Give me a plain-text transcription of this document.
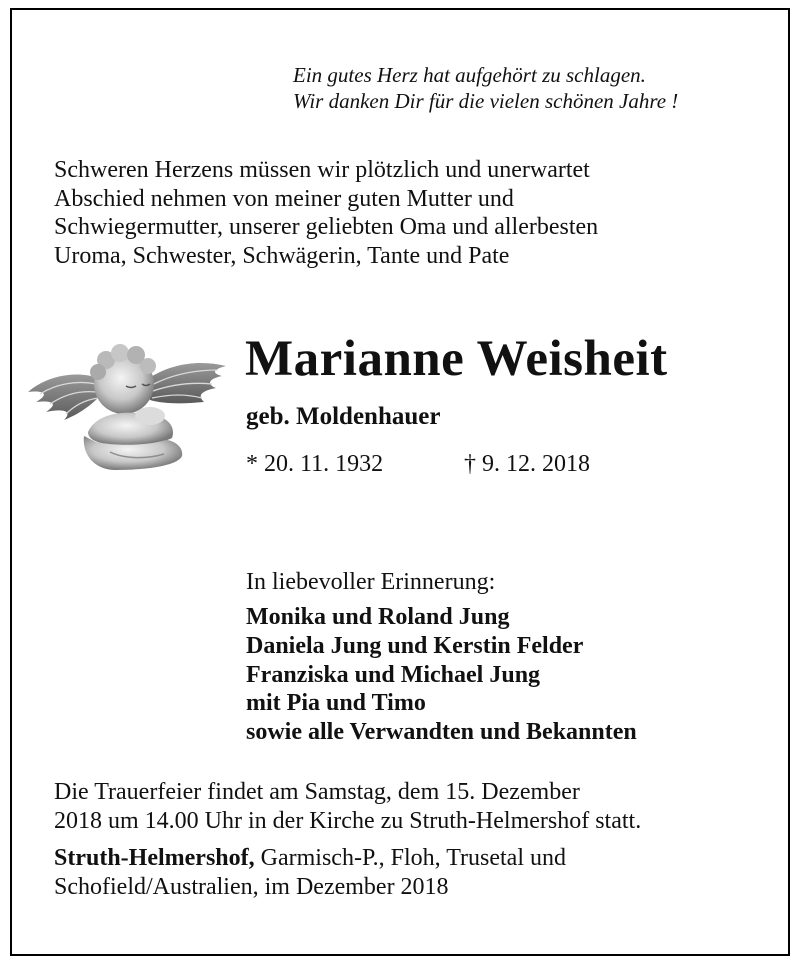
Ein gutes Herz hat aufgehört zu schlagen.
Wir danken Dir für die vielen schönen Jahre !
Schweren Herzens müssen wir plötzlich und unerwartet
Abschied nehmen von meiner guten Mutter und
Schwiegermutter, unserer geliebten Oma und allerbesten
Uroma, Schwester, Schwägerin, Tante und Pate
Marianne Weisheit
geb. Moldenhauer
* 20. 11. 1932	† 9. 12. 2018
In liebevoller Erinnerung:
Monika und Roland Jung
Daniela Jung und Kerstin Felder
Franziska und Michael Jung
mit Pia und Timo
sowie alle Verwandten und Bekannten
Die Trauerfeier findet am Samstag, dem 15. Dezember
2018 um 14.00 Uhr in der Kirche zu Struth-Helmershof statt.
Struth-Helmershof, Garmisch-P., Floh, Trusetal und
Schofield/Australien, im Dezember 2018
